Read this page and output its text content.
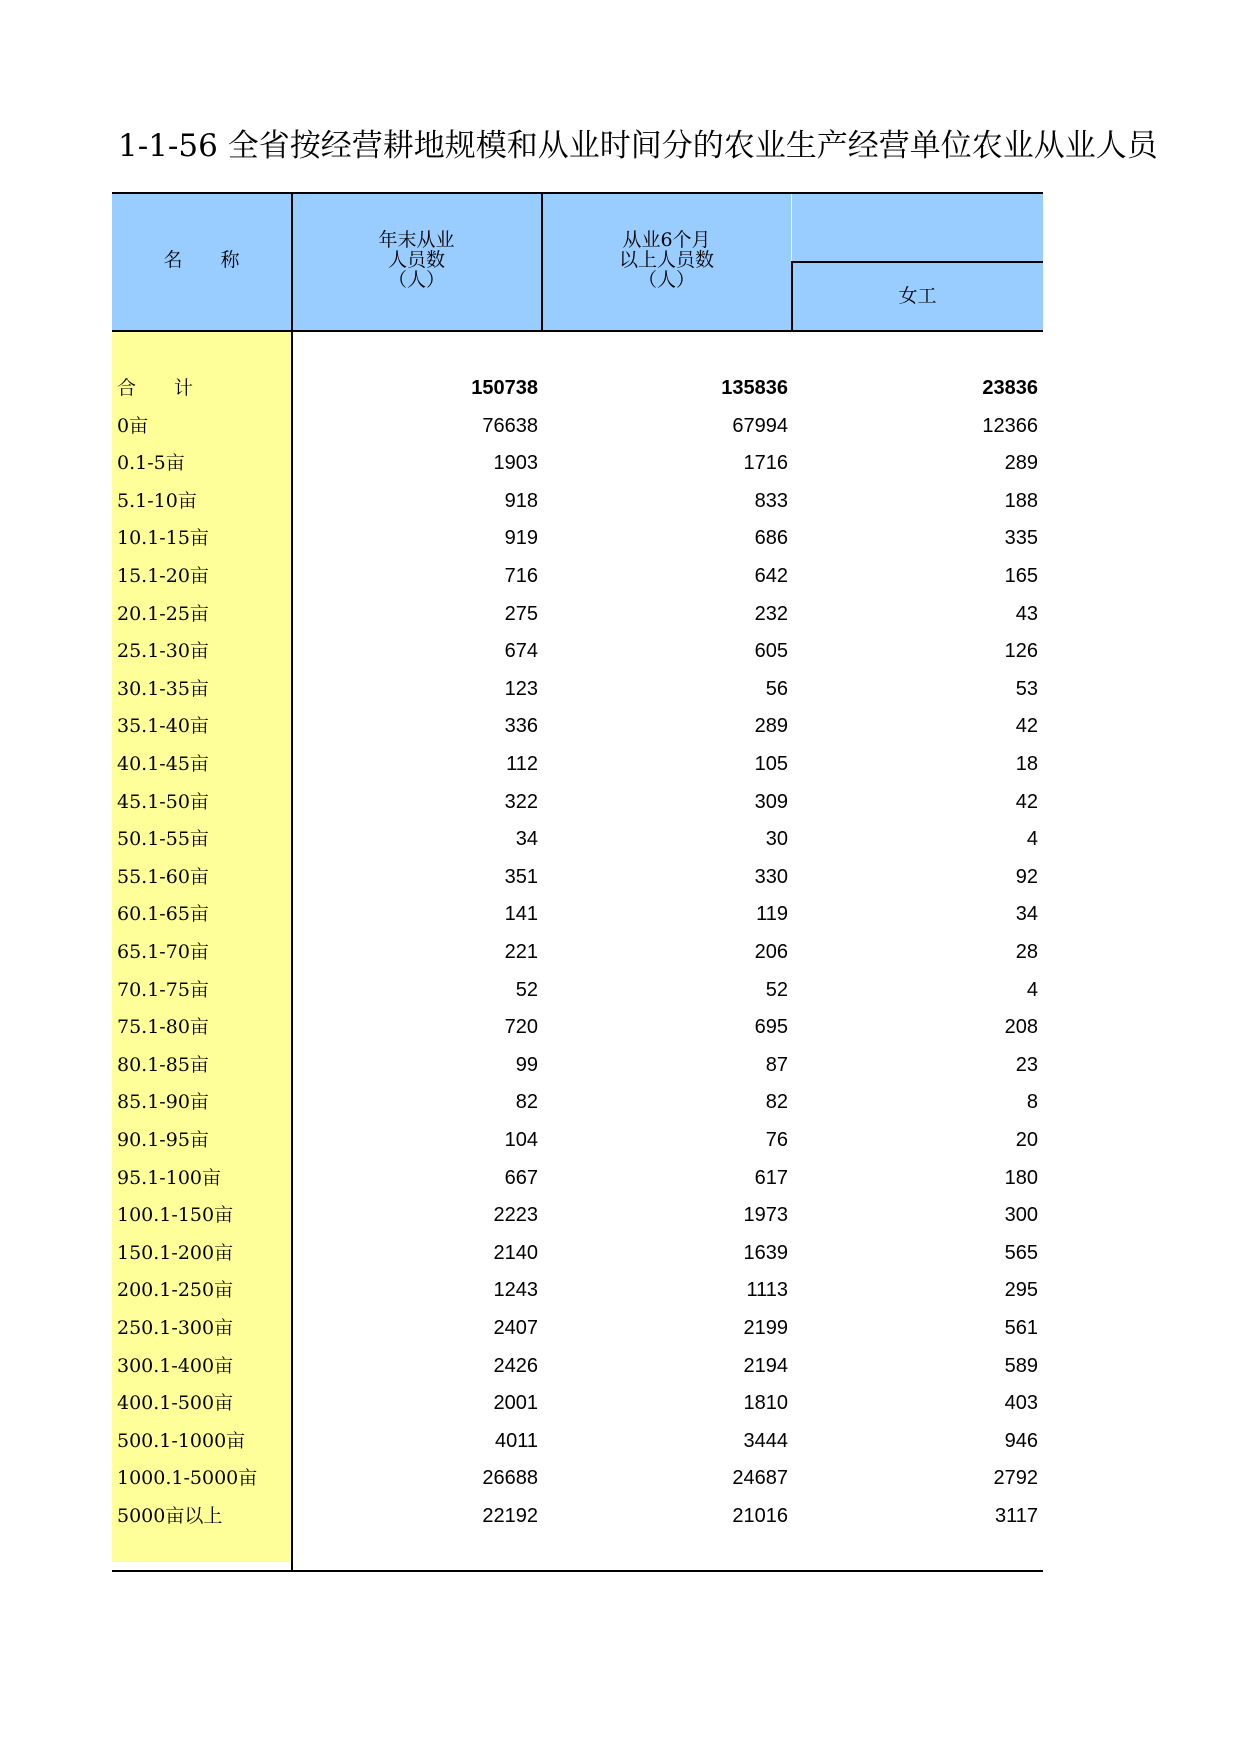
1-1-56 全省按经营耕地规模和从业时间分的农业生产经营单位农业从业人员
名　　称
年末从业
人员数
（人）
从业6个月
以上人员数
（人）
女工
合　　计	150738	135836	23836
0亩	76638	67994	12366
0.1-5亩	1903	1716	289
5.1-10亩	918	833	188
10.1-15亩	919	686	335
15.1-20亩	716	642	165
20.1-25亩	275	232	43
25.1-30亩	674	605	126
30.1-35亩	123	56	53
35.1-40亩	336	289	42
40.1-45亩	112	105	18
45.1-50亩	322	309	42
50.1-55亩	34	30	4
55.1-60亩	351	330	92
60.1-65亩	141	119	34
65.1-70亩	221	206	28
70.1-75亩	52	52	4
75.1-80亩	720	695	208
80.1-85亩	99	87	23
85.1-90亩	82	82	8
90.1-95亩	104	76	20
95.1-100亩	667	617	180
100.1-150亩	2223	1973	300
150.1-200亩	2140	1639	565
200.1-250亩	1243	1113	295
250.1-300亩	2407	2199	561
300.1-400亩	2426	2194	589
400.1-500亩	2001	1810	403
500.1-1000亩	4011	3444	946
1000.1-5000亩	26688	24687	2792
5000亩以上	22192	21016	3117
